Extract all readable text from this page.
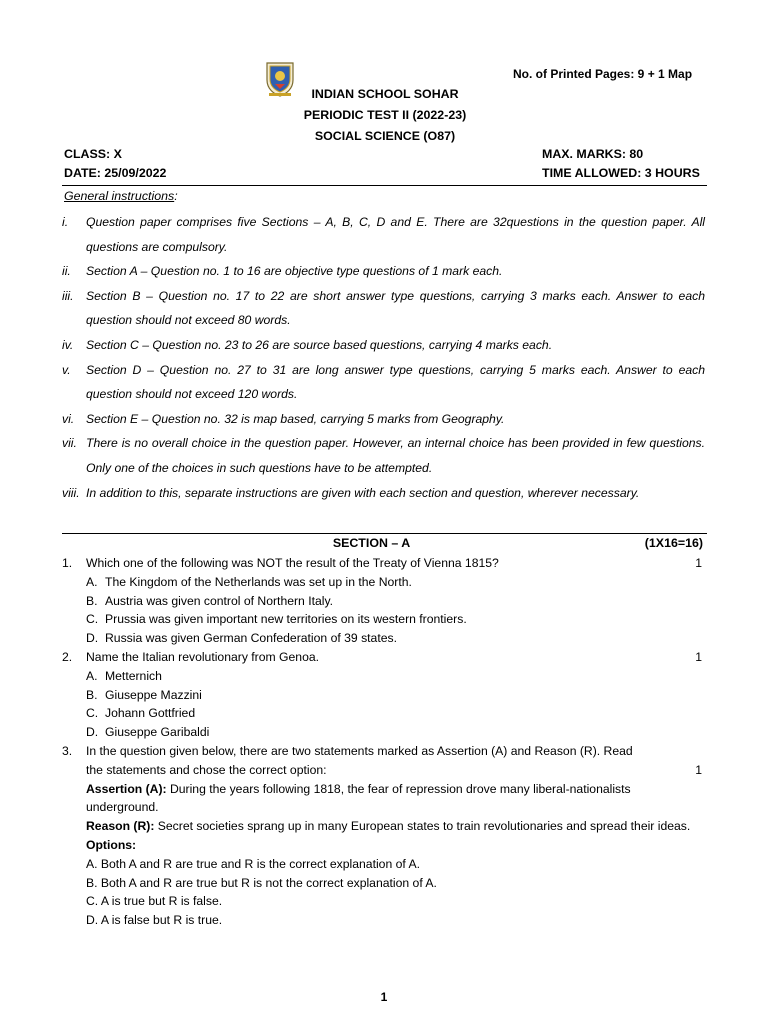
No. of Printed Pages: 9 + 1 Map
INDIAN SCHOOL SOHAR
PERIODIC TEST II (2022-23)
SOCIAL SCIENCE (O87)
CLASS: X	MAX. MARKS: 80
DATE: 25/09/2022	TIME ALLOWED: 3 HOURS
General instructions:
i.	Question paper comprises five Sections – A, B, C, D and E. There are 32questions in the question paper. All questions are compulsory.
ii.	Section A – Question no. 1 to 16 are objective type questions of 1 mark each.
iii.	Section B – Question no. 17 to 22 are short answer type questions, carrying 3 marks each. Answer to each question should not exceed 80 words.
iv.	Section C – Question no. 23 to 26 are source based questions, carrying 4 marks each.
v.	Section D – Question no. 27 to 31 are long answer type questions, carrying 5 marks each. Answer to each question should not exceed 120 words.
vi. Section E – Question no. 32 is map based, carrying 5 marks from Geography.
vii. There is no overall choice in the question paper. However, an internal choice has been provided in few questions. Only one of the choices in such questions have to be attempted.
viii. In addition to this, separate instructions are given with each section and question, wherever necessary.
SECTION – A	(1X16=16)
1.	Which one of the following was NOT the result of the Treaty of Vienna 1815?
A. The Kingdom of the Netherlands was set up in the North.
B. Austria was given control of Northern Italy.
C. Prussia was given important new territories on its western frontiers.
D. Russia was given German Confederation of 39 states.
1
2.	Name the Italian revolutionary from Genoa.
A. Metternich
B. Giuseppe Mazzini
C. Johann Gottfried
D. Giuseppe Garibaldi
1
3.	In the question given below, there are two statements marked as Assertion (A) and Reason (R). Read
the statements and chose the correct option:	1
Assertion (A): During the years following 1818, the fear of repression drove many liberal-nationalists underground.
Reason (R): Secret societies sprang up in many European states to train revolutionaries and spread their ideas.
Options:
A. Both A and R are true and R is the correct explanation of A.
B. Both A and R are true but R is not the correct explanation of A.
C. A is true but R is false.
D. A is false but R is true.
1
